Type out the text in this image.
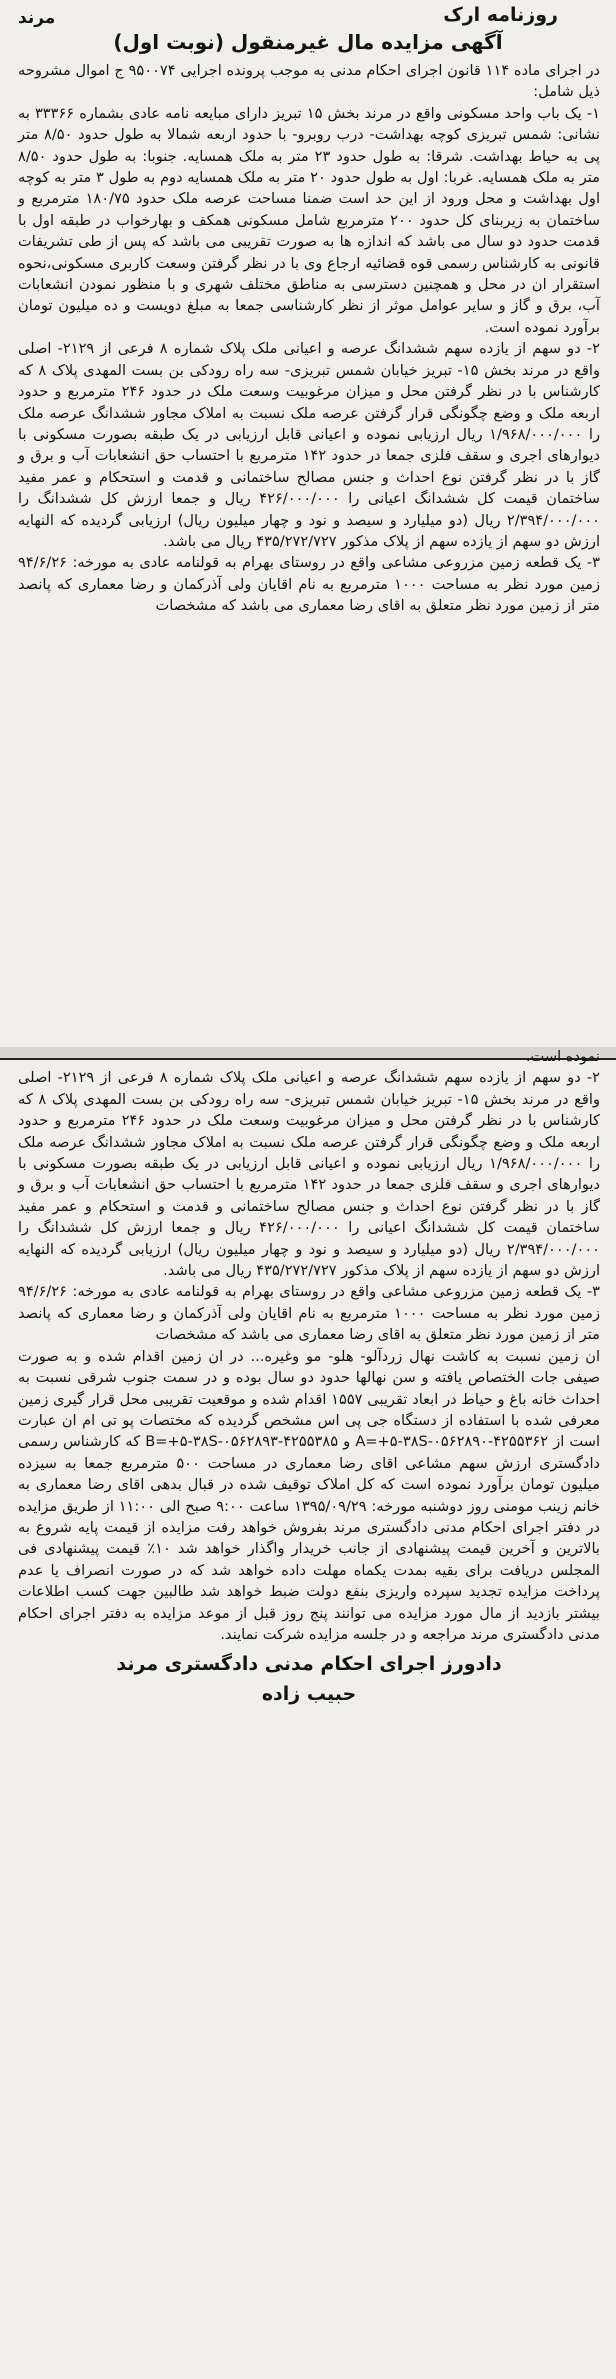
روزنامه ارک
مرند
آگهی مزایده مال غیرمنقول (نوبت اول)

در اجرای ماده ۱۱۴ قانون اجرای احکام مدنی به موجب پرونده اجرایی ۹۵۰۰۷۴ ج اموال مشروحه ذیل شامل:

۱- یک باب واحد مسکونی واقع در مرند بخش ۱۵ تبریز دارای مبایعه نامه عادی بشماره ۳۳۳۶۶ به نشانی: شمس تبریزی کوچه بهداشت- درب روبرو- با حدود اربعه شمالا به طول حدود ۸/۵۰ متر پی به حیاط بهداشت. شرقا: به طول حدود ۲۳ متر به ملک همسایه. جنوبا: به طول حدود ۸/۵۰ متر به ملک همسایه. غربا: اول به طول حدود ۲۰ متر به ملک همسایه دوم به طول ۳ متر به کوچه اول بهداشت و محل ورود از این حد است ضمنا مساحت عرصه ملک حدود ۱۸۰/۷۵ مترمربع و ساختمان به زیربنای کل حدود ۲۰۰ مترمربع شامل مسکونی همکف و بهارخواب در طبقه اول با قدمت حدود دو سال می باشد که اندازه ها به صورت تقریبی می باشد که پس از طی تشریفات قانونی به کارشناس رسمی قوه قضائیه ارجاع وی با در نظر گرفتن وسعت کاربری مسکونی،نحوه استقرار ان در محل و همچنین دسترسی به مناطق مختلف شهری و با منظور نمودن انشعابات آب، برق و گاز و سایر عوامل موثر از نظر کارشناسی جمعا به مبلغ دویست و ده میلیون تومان برآورد نموده است.

۲- دو سهم از یازده سهم ششدانگ عرصه و اعیانی ملک پلاک شماره ۸ فرعی از ۲۱۲۹- اصلی واقع در مرند بخش ۱۵- تبریز خیابان شمس تبریزی- سه راه رودکی بن بست المهدی پلاک ۸ که کارشناس با در نظر گرفتن محل و میزان مرغوبیت وسعت ملک در حدود ۲۴۶ مترمربع و حدود اربعه ملک و وضع چگونگی قرار گرفتن عرصه ملک نسبت به املاک مجاور ششدانگ عرصه ملک را ۱/۹۶۸/۰۰۰/۰۰۰ ریال ارزیابی نموده و اعیانی قابل ارزیابی در یک طبقه بصورت مسکونی با دیوارهای اجری و سقف فلزی جمعا در حدود ۱۴۲ مترمربع با احتساب حق انشعابات آب و برق و گاز با در نظر گرفتن نوع احداث و جنس مصالح ساختمانی و قدمت و استحکام و عمر مفید ساختمان قیمت کل ششدانگ اعیانی را ۴۲۶/۰۰۰/۰۰۰ ریال و جمعا ارزش کل ششدانگ را ۲/۳۹۴/۰۰۰/۰۰۰ ریال (دو میلیارد و سیصد و نود و چهار میلیون ریال) ارزیابی گردیده که النهایه ارزش دو سهم از یازده سهم از پلاک مذکور ۴۳۵/۲۷۲/۷۲۷ ریال می باشد.

۳- یک قطعه زمین مزروعی مشاعی واقع در روستای بهرام به قولنامه عادی به مورخه: ۹۴/۶/۲۶ زمین مورد نظر به مساحت ۱۰۰۰ مترمربع به نام اقایان ولی آذرکمان و رضا معماری که پانصد متر از زمین مورد نظر متعلق به اقای رضا معماری می باشد که مشخصات

نموده است.

۲- دو سهم از یازده سهم ششدانگ عرصه و اعیانی ملک پلاک شماره ۸ فرعی از ۲۱۲۹- اصلی واقع در مرند بخش ۱۵- تبریز خیابان شمس تبریزی- سه راه رودکی بن بست المهدی پلاک ۸ که کارشناس با در نظر گرفتن محل و میزان مرغوبیت وسعت ملک در حدود ۲۴۶ مترمربع و حدود اربعه ملک و وضع چگونگی قرار گرفتن عرصه ملک نسبت به املاک مجاور ششدانگ عرصه ملک را ۱/۹۶۸/۰۰۰/۰۰۰ ریال ارزیابی نموده و اعیانی قابل ارزیابی در یک طبقه بصورت مسکونی با دیوارهای اجری و سقف فلزی جمعا در حدود ۱۴۲ مترمربع با احتساب حق انشعابات آب و برق و گاز با در نظر گرفتن نوع احداث و جنس مصالح ساختمانی و قدمت و استحکام و عمر مفید ساختمان قیمت کل ششدانگ اعیانی را ۴۲۶/۰۰۰/۰۰۰ ریال و جمعا ارزش کل ششدانگ را ۲/۳۹۴/۰۰۰/۰۰۰ ریال (دو میلیارد و سیصد و نود و چهار میلیون ریال) ارزیابی گردیده که النهایه ارزش دو سهم از یازده سهم از پلاک مذکور ۴۳۵/۲۷۲/۷۲۷ ریال می باشد.

۳- یک قطعه زمین مزروعی مشاعی واقع در روستای بهرام به قولنامه عادی به مورخه: ۹۴/۶/۲۶ زمین مورد نظر به مساحت ۱۰۰۰ مترمربع به نام اقایان ولی آذرکمان و رضا معماری که پانصد متر از زمین مورد نظر متعلق به اقای رضا معماری می باشد که مشخصات

ان زمین نسبت به کاشت نهال زردآلو- هلو- مو وغیره... در ان زمین اقدام شده و به صورت صیفی جات الختصاص یافته و سن نهالها حدود دو سال بوده و در سمت جنوب شرقی نسبت به احداث خانه باغ و حیاط در ابعاد تقریبی ۱۵۵۷ اقدام شده و موقعیت تقریبی محل قرار گیری زمین معرفی شده با استفاده از دستگاه جی پی اس مشخص گردیده که مختصات پو تی ام ان عبارت است از A=+۵-۳۸S-۰۵۶۲۸۹۰-۴۲۵۵۳۶۲ و B=+۵-۳۸S-۰۵۶۲۸۹۳-۴۲۵۵۳۸۵ که کارشناس رسمی دادگستری ارزش سهم مشاعی اقای رضا معماری در مساحت ۵۰۰ مترمربع جمعا به سیزده میلیون تومان برآورد نموده است که کل املاک توقیف شده در قبال بدهی اقای رضا معماری به خانم زینب مومنی روز دوشنبه مورخه: ۱۳۹۵/۰۹/۲۹ ساعت ۹:۰۰ صبح الی ۱۱:۰۰ از طریق مزایده در دفتر اجرای احکام مدنی دادگستری مرند بفروش خواهد رفت مزایده از قیمت پایه شروع به بالاترین و آخرین قیمت پیشنهادی از جانب خریدار واگذار خواهد شد ۱۰٪ قیمت پیشنهادی فی المجلس دریافت برای بقیه بمدت یکماه مهلت داده خواهد شد که در صورت انصراف یا عدم پرداخت مزایده تجدید سپرده واریزی بنفع دولت ضبط خواهد شد طالبین جهت کسب اطلاعات بیشتر بازدید از مال مورد مزایده می توانند پنج روز قبل از موعد مزایده به دفتر اجرای احکام مدنی دادگستری مرند مراجعه و در جلسه مزایده شرکت نمایند.

دادورز اجرای احکام مدنی دادگستری مرند
حبیب زاده
